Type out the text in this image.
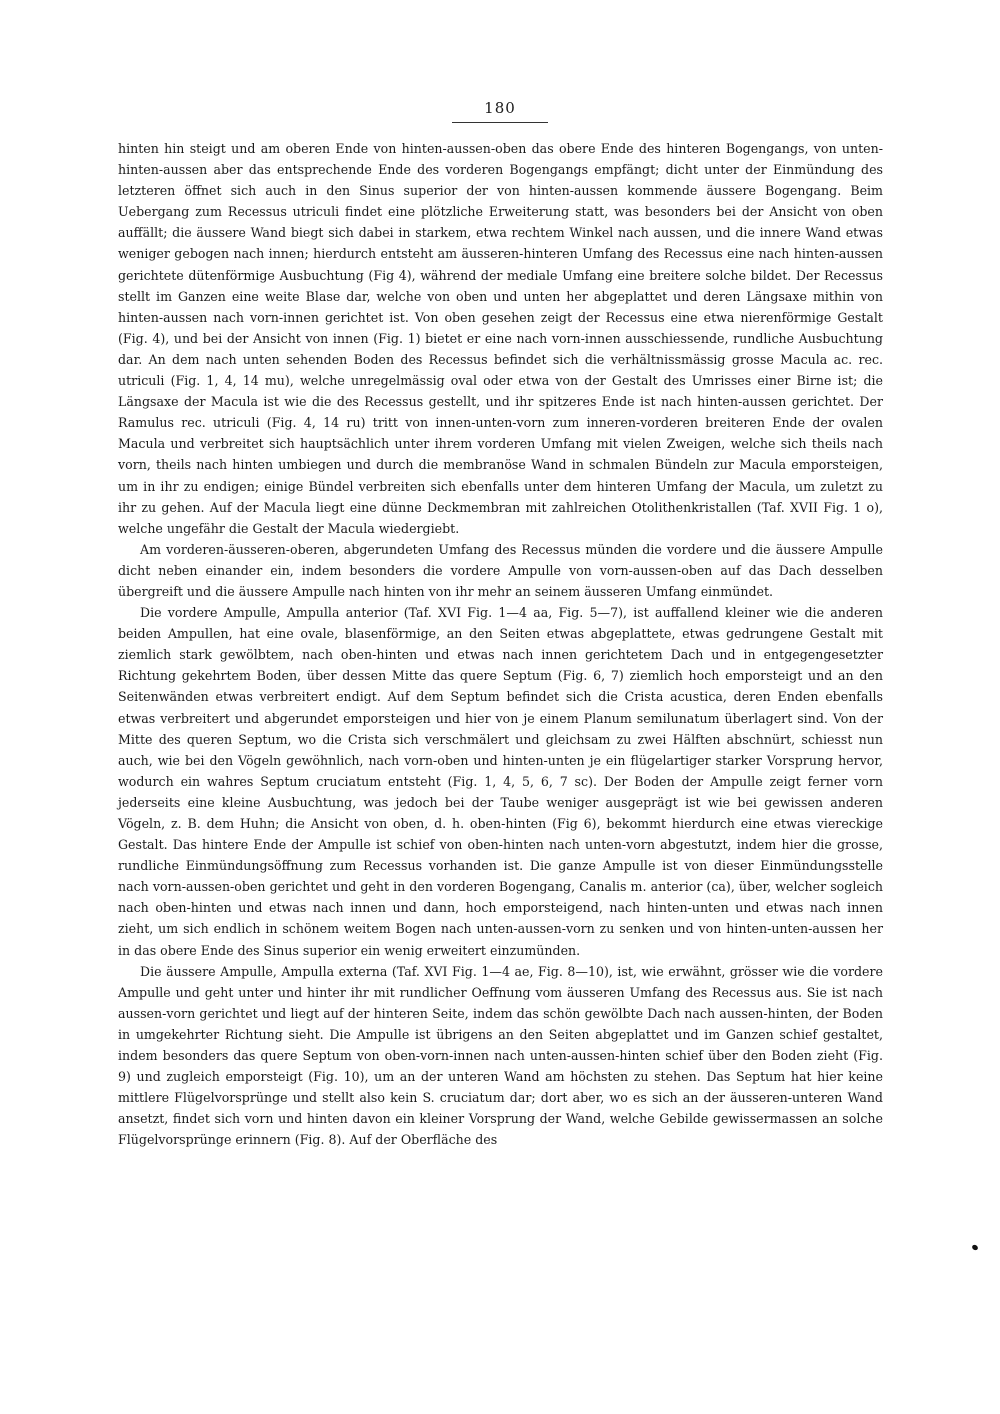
180

hinten hin steigt und am oberen Ende von hinten-aussen-oben das obere Ende des hinteren Bogengangs, von unten-hinten-aussen aber das entsprechende Ende des vorderen Bogengangs empfängt; dicht unter der Einmündung des letzteren öffnet sich auch in den Sinus superior der von hinten-aussen kommende äussere Bogengang. Beim Uebergang zum Recessus utriculi findet eine plötzliche Erweiterung statt, was besonders bei der Ansicht von oben auffällt; die äussere Wand biegt sich dabei in starkem, etwa rechtem Winkel nach aussen, und die innere Wand etwas weniger gebogen nach innen; hierdurch entsteht am äusseren-hinteren Umfang des Recessus eine nach hinten-aussen gerichtete dütenförmige Ausbuchtung (Fig 4), während der mediale Umfang eine breitere solche bildet. Der Recessus stellt im Ganzen eine weite Blase dar, welche von oben und unten her abgeplattet und deren Längsaxe mithin von hinten-aussen nach vorn-innen gerichtet ist. Von oben gesehen zeigt der Recessus eine etwa nierenförmige Gestalt (Fig. 4), und bei der Ansicht von innen (Fig. 1) bietet er eine nach vorn-innen ausschiessende, rundliche Ausbuchtung dar. An dem nach unten sehenden Boden des Recessus befindet sich die verhältnissmässig grosse Macula ac. rec. utriculi (Fig. 1, 4, 14 mu), welche unregelmässig oval oder etwa von der Gestalt des Umrisses einer Birne ist; die Längsaxe der Macula ist wie die des Recessus gestellt, und ihr spitzeres Ende ist nach hinten-aussen gerichtet. Der Ramulus rec. utriculi (Fig. 4, 14 ru) tritt von innen-unten-vorn zum inneren-vorderen breiteren Ende der ovalen Macula und verbreitet sich hauptsächlich unter ihrem vorderen Umfang mit vielen Zweigen, welche sich theils nach vorn, theils nach hinten umbiegen und durch die membranöse Wand in schmalen Bündeln zur Macula emporsteigen, um in ihr zu endigen; einige Bündel verbreiten sich ebenfalls unter dem hinteren Umfang der Macula, um zuletzt zu ihr zu gehen. Auf der Macula liegt eine dünne Deckmembran mit zahlreichen Otolithenkristallen (Taf. XVII Fig. 1 o), welche ungefähr die Gestalt der Macula wiedergiebt.

Am vorderen-äusseren-oberen, abgerundeten Umfang des Recessus münden die vordere und die äussere Ampulle dicht neben einander ein, indem besonders die vordere Ampulle von vorn-aussen-oben auf das Dach desselben übergreift und die äussere Ampulle nach hinten von ihr mehr an seinem äusseren Umfang einmündet.

Die vordere Ampulle, Ampulla anterior (Taf. XVI Fig. 1—4 aa, Fig. 5—7), ist auffallend kleiner wie die anderen beiden Ampullen, hat eine ovale, blasenförmige, an den Seiten etwas abgeplattete, etwas gedrungene Gestalt mit ziemlich stark gewölbtem, nach oben-hinten und etwas nach innen gerichtetem Dach und in entgegengesetzter Richtung gekehrtem Boden, über dessen Mitte das quere Septum (Fig. 6, 7) ziemlich hoch emporsteigt und an den Seitenwänden etwas verbreitert endigt. Auf dem Septum befindet sich die Crista acustica, deren Enden ebenfalls etwas verbreitert und abgerundet emporsteigen und hier von je einem Planum semilunatum überlagert sind. Von der Mitte des queren Septum, wo die Crista sich verschmälert und gleichsam zu zwei Hälften abschnürt, schiesst nun auch, wie bei den Vögeln gewöhnlich, nach vorn-oben und hinten-unten je ein flügelartiger starker Vorsprung hervor, wodurch ein wahres Septum cruciatum entsteht (Fig. 1, 4, 5, 6, 7 sc). Der Boden der Ampulle zeigt ferner vorn jederseits eine kleine Ausbuchtung, was jedoch bei der Taube weniger ausgeprägt ist wie bei gewissen anderen Vögeln, z. B. dem Huhn; die Ansicht von oben, d. h. oben-hinten (Fig 6), bekommt hierdurch eine etwas viereckige Gestalt. Das hintere Ende der Ampulle ist schief von oben-hinten nach unten-vorn abgestutzt, indem hier die grosse, rundliche Einmündungsöffnung zum Recessus vorhanden ist. Die ganze Ampulle ist von dieser Einmündungsstelle nach vorn-aussen-oben gerichtet und geht in den vorderen Bogengang, Canalis m. anterior (ca), über, welcher sogleich nach oben-hinten und etwas nach innen und dann, hoch emporsteigend, nach hinten-unten und etwas nach innen zieht, um sich endlich in schönem weitem Bogen nach unten-aussen-vorn zu senken und von hinten-unten-aussen her in das obere Ende des Sinus superior ein wenig erweitert einzumünden.

Die äussere Ampulle, Ampulla externa (Taf. XVI Fig. 1—4 ae, Fig. 8—10), ist, wie erwähnt, grösser wie die vordere Ampulle und geht unter und hinter ihr mit rundlicher Oeffnung vom äusseren Umfang des Recessus aus. Sie ist nach aussen-vorn gerichtet und liegt auf der hinteren Seite, indem das schön gewölbte Dach nach aussen-hinten, der Boden in umgekehrter Richtung sieht. Die Ampulle ist übrigens an den Seiten abgeplattet und im Ganzen schief gestaltet, indem besonders das quere Septum von oben-vorn-innen nach unten-aussen-hinten schief über den Boden zieht (Fig. 9) und zugleich emporsteigt (Fig. 10), um an der unteren Wand am höchsten zu stehen. Das Septum hat hier keine mittlere Flügelvorsprünge und stellt also kein S. cruciatum dar; dort aber, wo es sich an der äusseren-unteren Wand ansetzt, findet sich vorn und hinten davon ein kleiner Vorsprung der Wand, welche Gebilde gewissermassen an solche Flügelvorsprünge erinnern (Fig. 8). Auf der Oberfläche des
